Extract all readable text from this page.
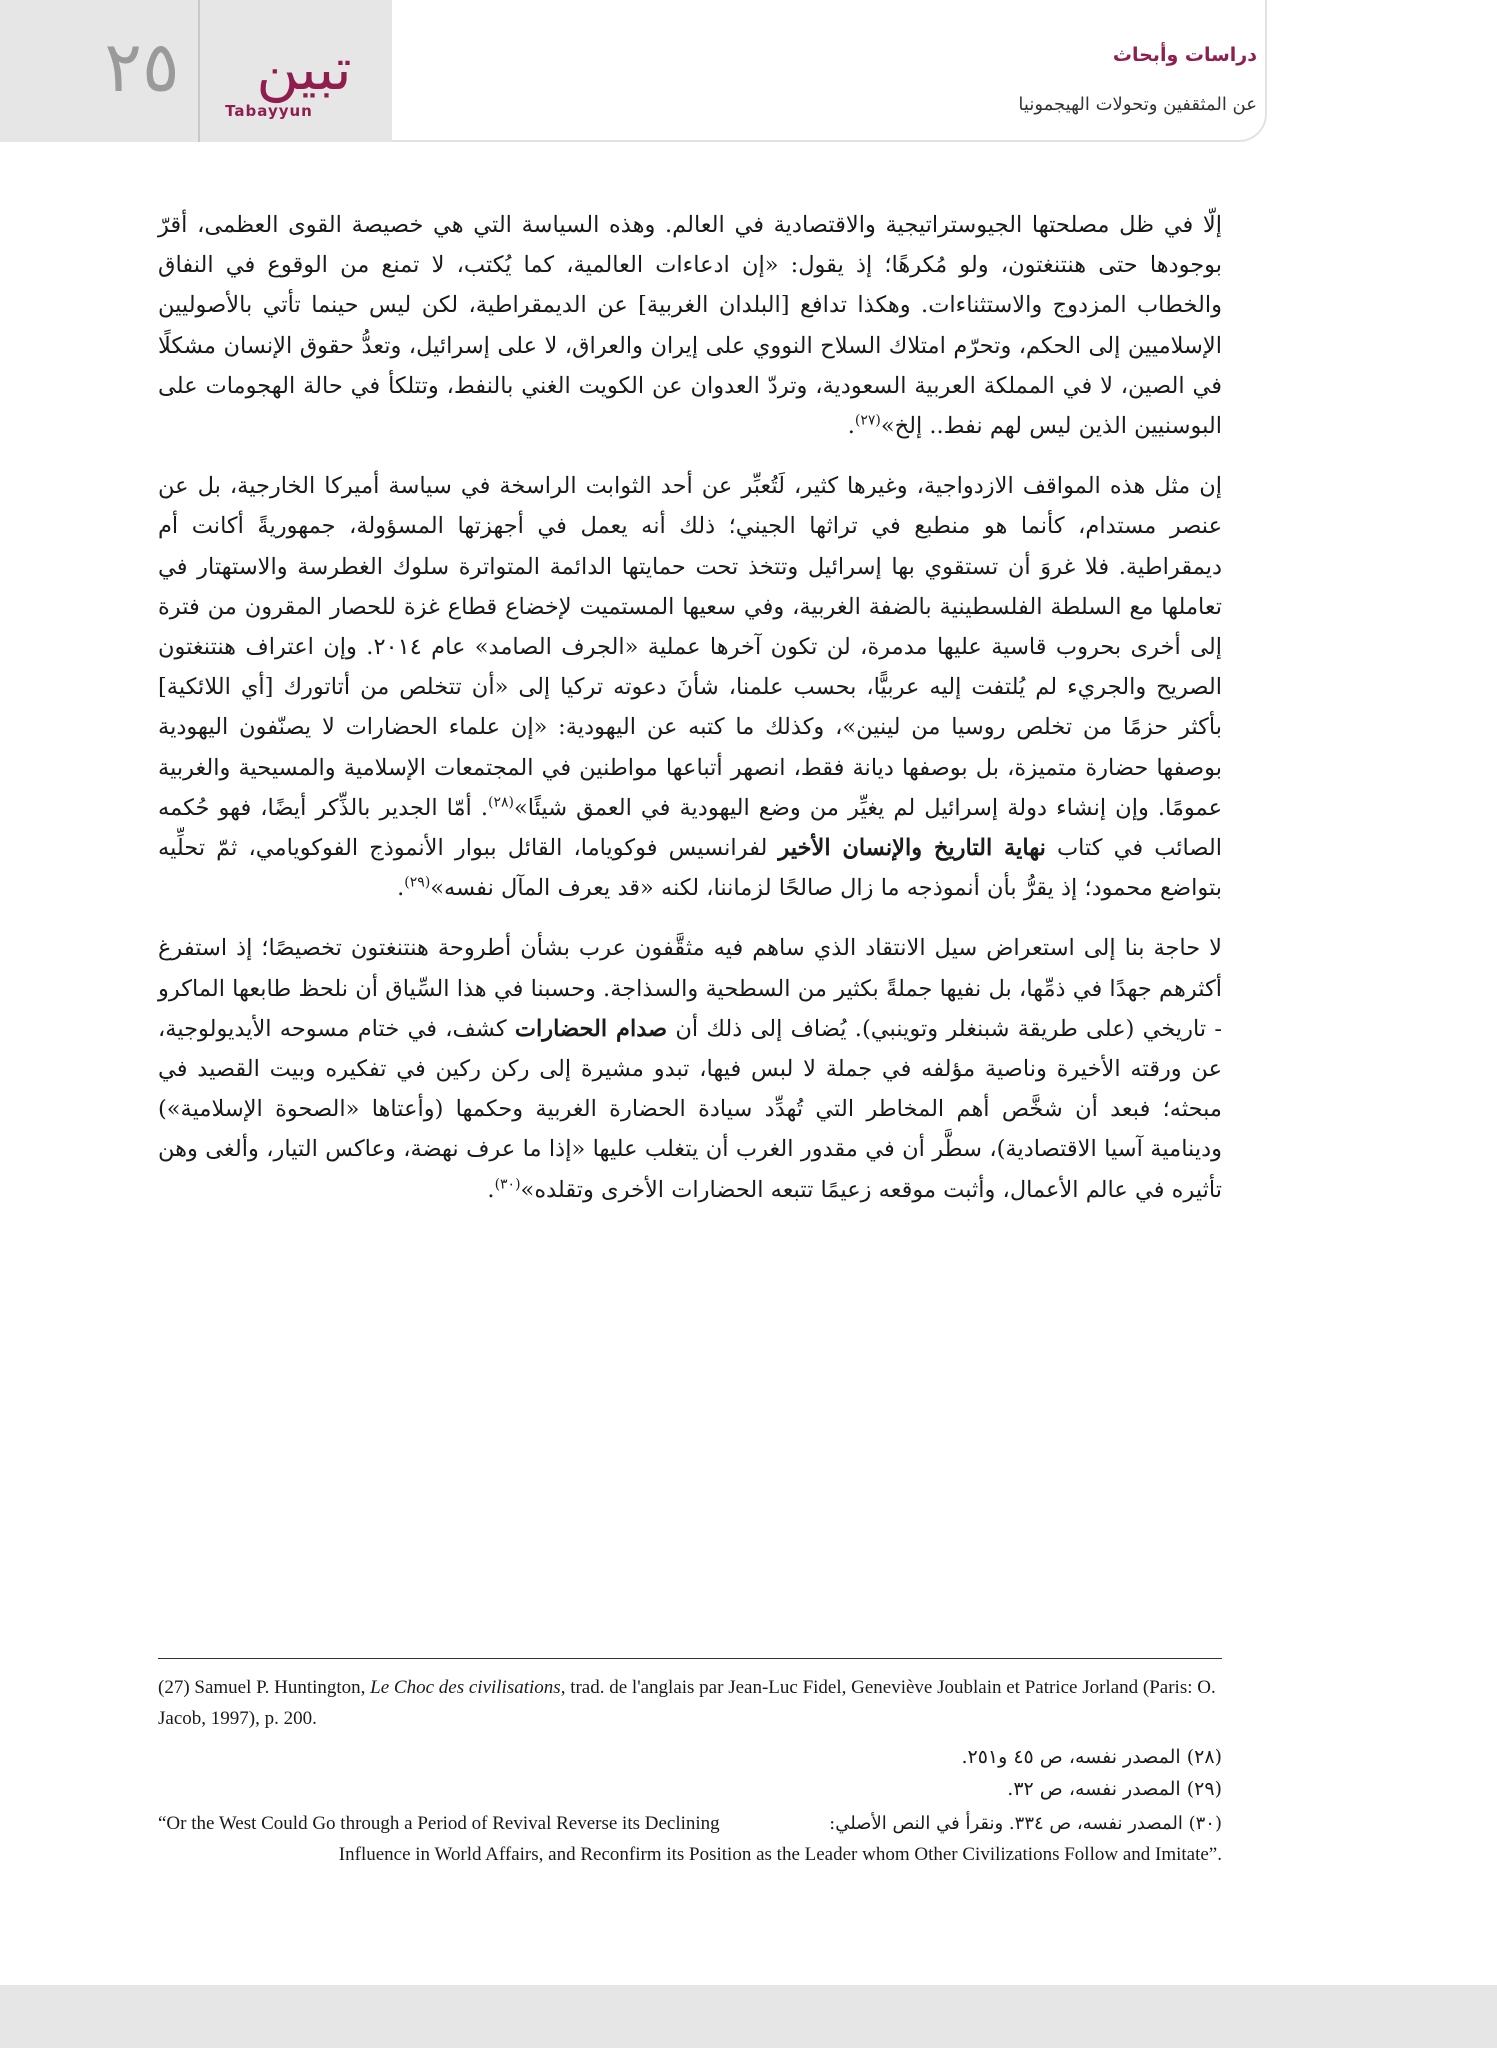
٢٥	تبين
Tabayyun
دراسات وأبحاث
عن المثقفين وتحولات الهيجمونيا

إلّا في ظل مصلحتها الجيوستراتيجية والاقتصادية في العالم. وهذه السياسة التي هي خصيصة القوى العظمى، أقرّ بوجودها حتى هنتنغتون، ولو مُكرهًا؛ إذ يقول: «إن ادعاءات العالمية، كما يُكتب، لا تمنع من الوقوع في النفاق والخطاب المزدوج والاستثناءات. وهكذا تدافع [البلدان الغربية] عن الديمقراطية، لكن ليس حينما تأتي بالأصوليين الإسلاميين إلى الحكم، وتحرّم امتلاك السلاح النووي على إيران والعراق، لا على إسرائيل، وتعدُّ حقوق الإنسان مشكلًا في الصين، لا في المملكة العربية السعودية، وتردّ العدوان عن الكويت الغني بالنفط، وتتلكأ في حالة الهجومات على البوسنيين الذين ليس لهم نفط.. إلخ»$^{(٢٧)}$.

إن مثل هذه المواقف الازدواجية، وغيرها كثير، لَتُعبِّر عن أحد الثوابت الراسخة في سياسة أميركا الخارجية، بل عن عنصر مستدام، كأنما هو منطبع في تراثها الجيني؛ ذلك أنه يعمل في أجهزتها المسؤولة، جمهوريةً أكانت أم ديمقراطية. فلا غروَ أن تستقوي بها إسرائيل وتتخذ تحت حمايتها الدائمة المتواترة سلوك الغطرسة والاستهتار في تعاملها مع السلطة الفلسطينية بالضفة الغربية، وفي سعيها المستميت لإخضاع قطاع غزة للحصار المقرون من فترة إلى أخرى بحروب قاسية عليها مدمرة، لن تكون آخرها عملية «الجرف الصامد» عام ٢٠١٤. وإن اعتراف هنتنغتون الصريح والجريء لم يُلتفت إليه عربيًّا، بحسب علمنا، شأنَ دعوته تركيا إلى «أن تتخلص من أتاتورك [أي اللائكية] بأكثر حزمًا من تخلص روسيا من لينين»، وكذلك ما كتبه عن اليهودية: «إن علماء الحضارات لا يصنّفون اليهودية بوصفها حضارة متميزة، بل بوصفها ديانة فقط، انصهر أتباعها مواطنين في المجتمعات الإسلامية والمسيحية والغربية عمومًا. وإن إنشاء دولة إسرائيل لم يغيِّر من وضع اليهودية في العمق شيئًا»$^{(٢٨)}$. أمّا الجدير بالذِّكر أيضًا، فهو حُكمه الصائب في كتاب نهاية التاريخ والإنسان الأخير لفرانسيس فوكوياما، القائل ببوار الأنموذج الفوكويامي، ثمّ تحلِّيه بتواضع محمود؛ إذ يقرُّ بأن أنموذجه ما زال صالحًا لزماننا، لكنه «قد يعرف المآل نفسه»$^{(٢٩)}$.

لا حاجة بنا إلى استعراض سيل الانتقاد الذي ساهم فيه مثقَّفون عرب بشأن أطروحة هنتنغتون تخصيصًا؛ إذ استفرغ أكثرهم جهدًا في ذمِّها، بل نفيها جملةً بكثير من السطحية والسذاجة. وحسبنا في هذا السِّياق أن نلحظ طابعها الماكرو - تاريخي (على طريقة شبنغلر وتوينبي). يُضاف إلى ذلك أن صدام الحضارات كشف، في ختام مسوحه الأيديولوجية، عن ورقته الأخيرة وناصية مؤلفه في جملة لا لبس فيها، تبدو مشيرة إلى ركن ركين في تفكيره وبيت القصيد في مبحثه؛ فبعد أن شخَّص أهم المخاطر التي تُهدِّد سيادة الحضارة الغربية وحكمها (وأعتاها «الصحوة الإسلامية») ودينامية آسيا الاقتصادية)، سطَّر أن في مقدور الغرب أن يتغلب عليها «إذا ما عرف نهضة، وعاكس التيار، وألغى وهن تأثيره في عالم الأعمال، وأثبت موقعه زعيمًا تتبعه الحضارات الأخرى وتقلده»$^{(٣٠)}$.

(27) Samuel P. Huntington, Le Choc des civilisations, trad. de l'anglais par Jean-Luc Fidel, Geneviève Joublain et Patrice Jorland (Paris: O. Jacob, 1997), p. 200.
(٢٨) المصدر نفسه، ص ٤٥ و٢٥١.
(٢٩) المصدر نفسه، ص ٣٢.
“Or the West Could Go through a Period of Revival Reverse its Declining	(٣٠) المصدر نفسه، ص ٣٣٤. ونقرأ في النص الأصلي:
Influence in World Affairs, and Reconfirm its Position as the Leader whom Other Civilizations Follow and Imitate”.
